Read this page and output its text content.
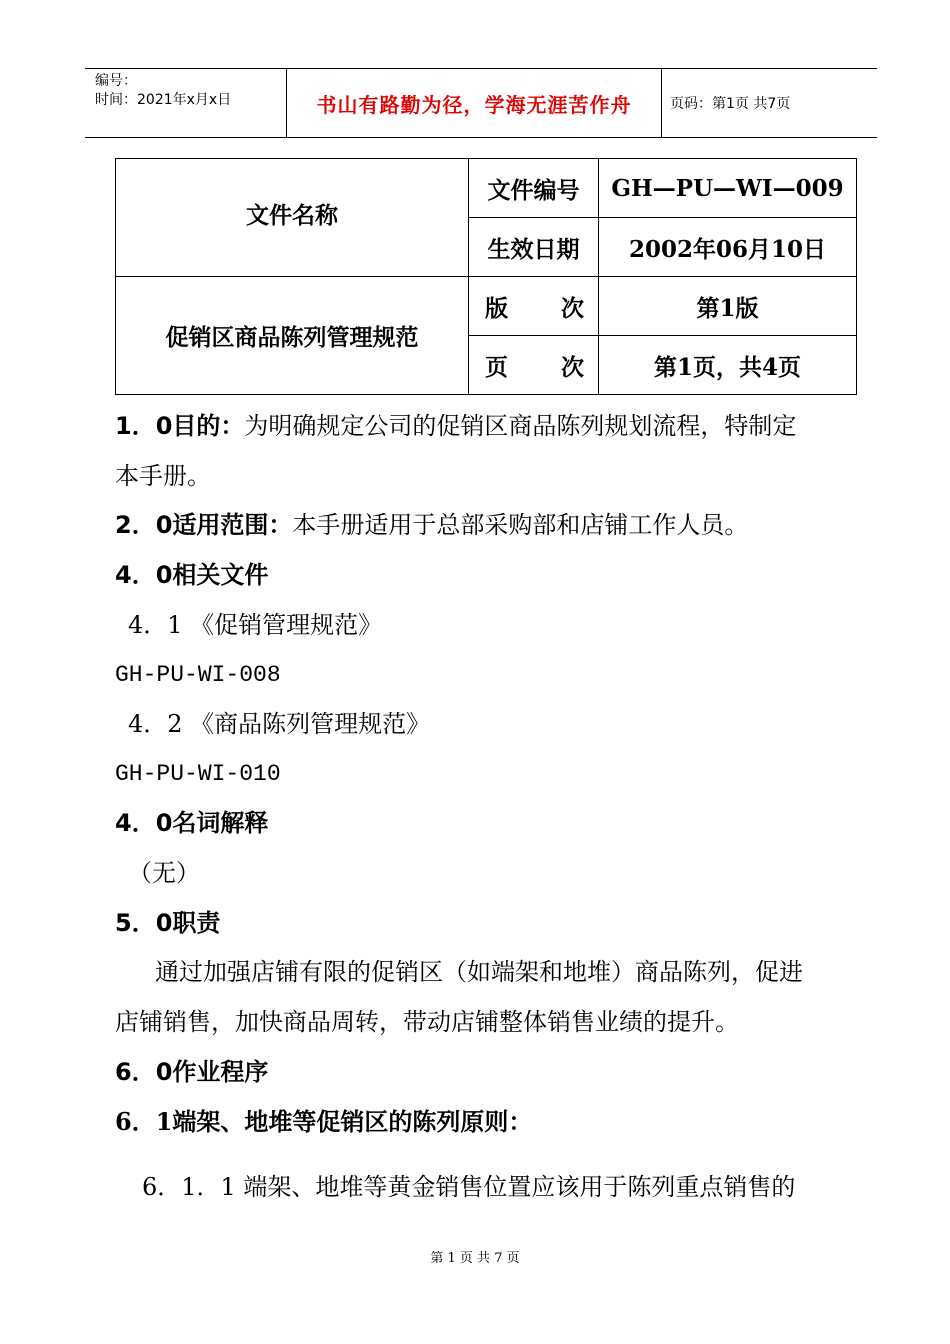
编号：
时间：2021年x月x日	书山有路勤为径，学海无涯苦作舟	页码：第1页 共7页
文件名称	文件编号	GH—PU—WI—009
	生效日期	2002年06月10日
促销区商品陈列管理规范	版 次	第1版

	页 次	第1页，共4页
1．0目的：为明确规定公司的促销区商品陈列规划流程，特制定
本手册。
2．0适用范围：本手册适用于总部采购部和店铺工作人员。
4．0相关文件
4．1 《促销管理规范》
GH-PU-WI-008
4．2 《商品陈列管理规范》
GH-PU-WI-010
4．0名词解释
（无）
5．0职责
通过加强店铺有限的促销区（如端架和地堆）商品陈列，促进
店铺销售，加快商品周转，带动店铺整体销售业绩的提升。
6．0作业程序
6．1端架、地堆等促销区的陈列原则：
6．1．1 端架、地堆等黄金销售位置应该用于陈列重点销售的
第 1 页 共 7 页
